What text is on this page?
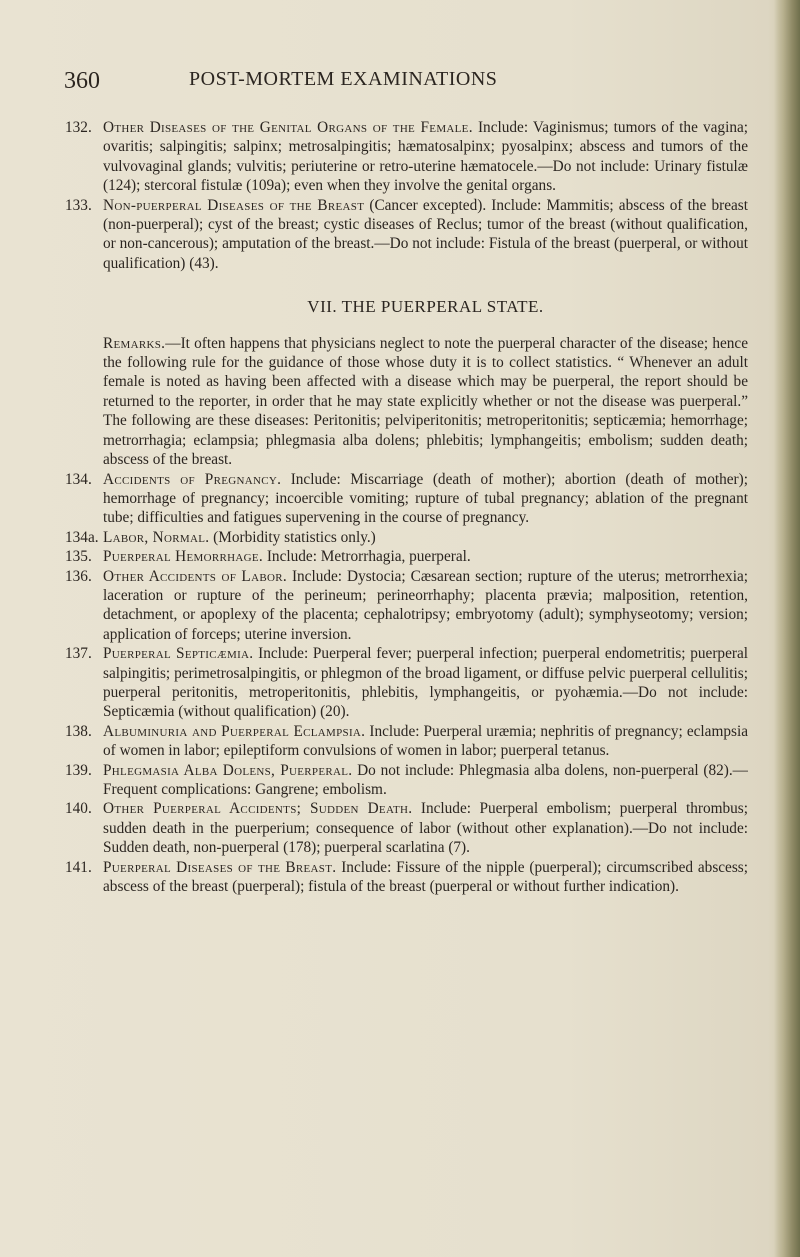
360	POST-MORTEM EXAMINATIONS

132. Other Diseases of the Genital Organs of the Female. Include: Vaginismus; tumors of the vagina; ovaritis; salpingitis; salpinx; metrosalpingitis; hæmatosalpinx; pyosalpinx; abscess and tumors of the vulvovaginal glands; vulvitis; periuterine or retro-uterine hæmatocele.—Do not include: Urinary fistulæ (124); stercoral fistulæ (109a); even when they involve the genital organs.

133. Non-puerperal Diseases of the Breast (Cancer excepted). Include: Mammitis; abscess of the breast (non-puerperal); cyst of the breast; cystic diseases of Reclus; tumor of the breast (without qualification, or non-cancerous); amputation of the breast.—Do not include: Fistula of the breast (puerperal, or without qualification) (43).

VII. THE PUERPERAL STATE.

Remarks.—It often happens that physicians neglect to note the puerperal character of the disease; hence the following rule for the guidance of those whose duty it is to collect statistics. “ Whenever an adult female is noted as having been affected with a disease which may be puerperal, the report should be returned to the reporter, in order that he may state explicitly whether or not the disease was puerperal.” The following are these diseases: Peritonitis; pelviperitonitis; metroperitonitis; septicæmia; hemorrhage; metrorrhagia; eclampsia; phlegmasia alba dolens; phlebitis; lymphangeitis; embolism; sudden death; abscess of the breast.

134. Accidents of Pregnancy. Include: Miscarriage (death of mother); abortion (death of mother); hemorrhage of pregnancy; incoercible vomiting; rupture of tubal pregnancy; ablation of the pregnant tube; difficulties and fatigues supervening in the course of pregnancy.

134a. Labor, Normal. (Morbidity statistics only.)

135. Puerperal Hemorrhage. Include: Metrorrhagia, puerperal.

136. Other Accidents of Labor. Include: Dystocia; Cæsarean section; rupture of the uterus; metrorrhexia; laceration or rupture of the perineum; perineorrhaphy; placenta prævia; malposition, retention, detachment, or apoplexy of the placenta; cephalotripsy; embryotomy (adult); symphyseotomy; version; application of forceps; uterine inversion.

137. Puerperal Septicæmia. Include: Puerperal fever; puerperal infection; puerperal endometritis; puerperal salpingitis; perimetrosalpingitis, or phlegmon of the broad ligament, or diffuse pelvic puerperal cellulitis; puerperal peritonitis, metroperitonitis, phlebitis, lymphangeitis, or pyohæmia.—Do not include: Septicæmia (without qualification) (20).

138. Albuminuria and Puerperal Eclampsia. Include: Puerperal uræmia; nephritis of pregnancy; eclampsia of women in labor; epileptiform convulsions of women in labor; puerperal tetanus.

139. Phlegmasia Alba Dolens, Puerperal. Do not include: Phlegmasia alba dolens, non-puerperal (82).—Frequent complications: Gangrene; embolism.

140. Other Puerperal Accidents; Sudden Death. Include: Puerperal embolism; puerperal thrombus; sudden death in the puerperium; consequence of labor (without other explanation).—Do not include: Sudden death, non-puerperal (178); puerperal scarlatina (7).

141. Puerperal Diseases of the Breast. Include: Fissure of the nipple (puerperal); circumscribed abscess; abscess of the breast (puerperal); fistula of the breast (puerperal or without further indication).
